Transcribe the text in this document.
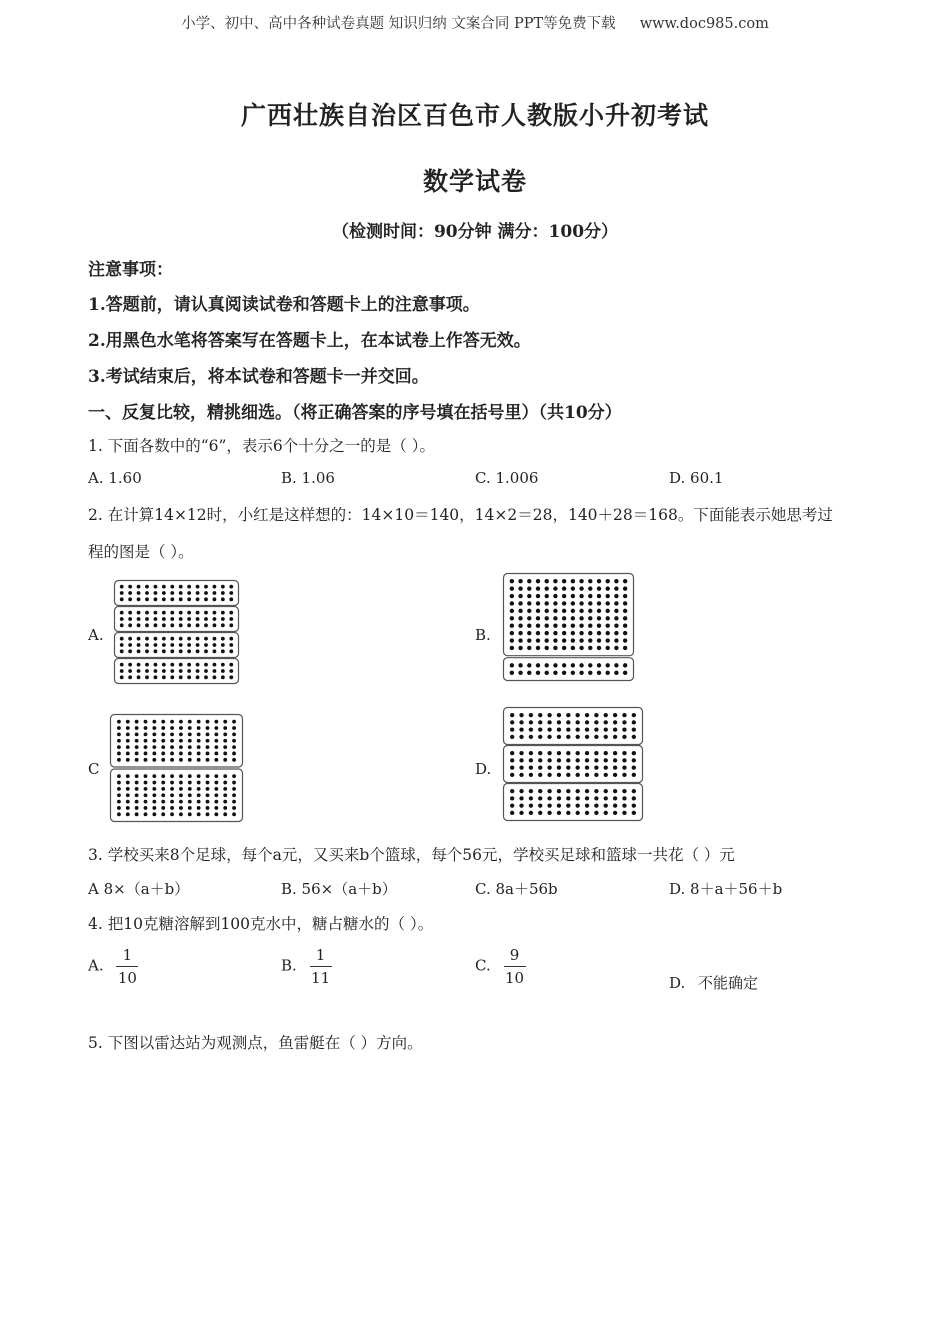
小学、初中、高中各种试卷真题 知识归纳 文案合同 PPT等免费下载 www.doc985.com
广西壮族自治区百色市人教版小升初考试
数学试卷
（检测时间：90分钟 满分：100分）
注意事项：
1.答题前，请认真阅读试卷和答题卡上的注意事项。
2.用黑色水笔将答案写在答题卡上，在本试卷上作答无效。
3.考试结束后，将本试卷和答题卡一并交回。
一、反复比较，精挑细选。（将正确答案的序号填在括号里）（共10分）
1. 下面各数中的“6”，表示6个十分之一的是（ ）。
A. 1.60	B. 1.06	C. 1.006	D. 60.1
2. 在计算14×12时，小红是这样想的：14×10＝140，14×2＝28，140＋28＝168。下面能表示她思考过
程的图是（ ）。
A.	B.
C	D.
3. 学校买来8个足球，每个a元，又买来b个篮球，每个56元，学校买足球和篮球一共花（ ）元
A 8×（a＋b）	B. 56×（a＋b）	C. 8a＋56b	D. 8＋a＋56＋b
4. 把10克糖溶解到100克水中，糖占糖水的（ ）。
A. $\frac{1}{10}$	B. $\frac{1}{11}$	C. $\frac{9}{10}$	D. 不能确定
5. 下图以雷达站为观测点，鱼雷艇在（ ）方向。
